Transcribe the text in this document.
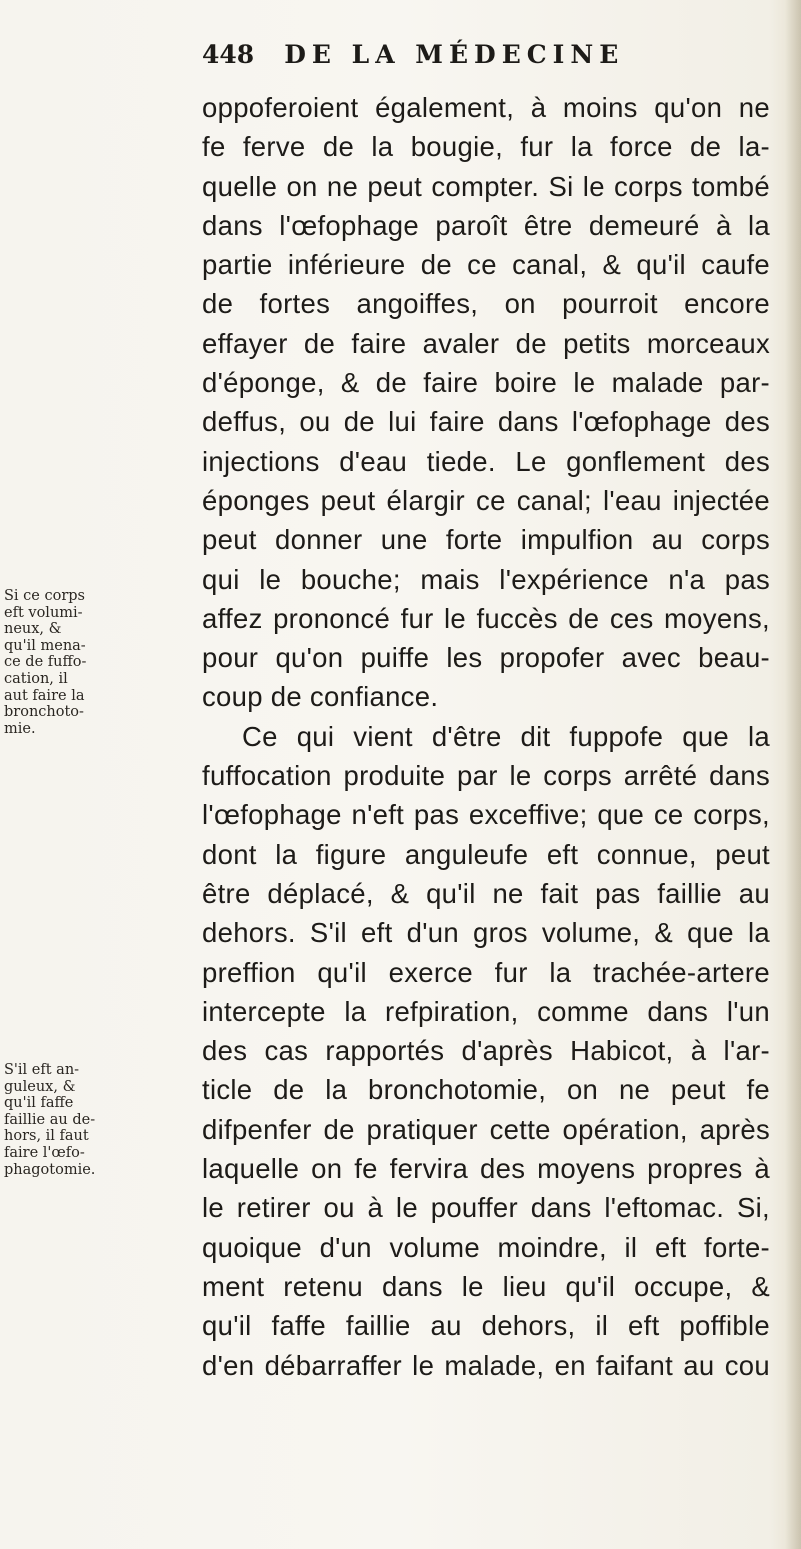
448 DE LA MÉDECINE
oppoferoient également, à moins qu'on ne
fe ferve de la bougie, fur la force de la-
quelle on ne peut compter. Si le corps tombé
dans l'œfophage paroît être demeuré à la
partie inférieure de ce canal, & qu'il caufe
de fortes angoiffes, on pourroit encore
effayer de faire avaler de petits morceaux
d'éponge, & de faire boire le malade par-
deffus, ou de lui faire dans l'œfophage des
injections d'eau tiede. Le gonflement des
éponges peut élargir ce canal; l'eau injectée
peut donner une forte impulfion au corps
qui le bouche; mais l'expérience n'a pas
affez prononcé fur le fuccès de ces moyens,
pour qu'on puiffe les propofer avec beau-
coup de confiance.
Ce qui vient d'être dit fuppofe que la
fuffocation produite par le corps arrêté dans
l'œfophage n'eft pas exceffive; que ce corps,
dont la figure anguleufe eft connue, peut
être déplacé, & qu'il ne fait pas faillie au
dehors. S'il eft d'un gros volume, & que la
preffion qu'il exerce fur la trachée-artere
intercepte la refpiration, comme dans l'un
des cas rapportés d'après Habicot, à l'ar-
ticle de la bronchotomie, on ne peut fe
difpenfer de pratiquer cette opération, après
laquelle on fe fervira des moyens propres à
le retirer ou à le pouffer dans l'eftomac. Si,
quoique d'un volume moindre, il eft forte-
ment retenu dans le lieu qu'il occupe, &
qu'il faffe faillie au dehors, il eft poffible
d'en débarraffer le malade, en faifant au cou
Si ce corps
eft volumi-
neux, &
qu'il mena-
ce de fuffo-
cation, il
aut faire la
bronchoto-
mie.
S'il eft an-
guleux, &
qu'il faffe
faillie au de-
hors, il faut
faire l'œfo-
phagotomie.
